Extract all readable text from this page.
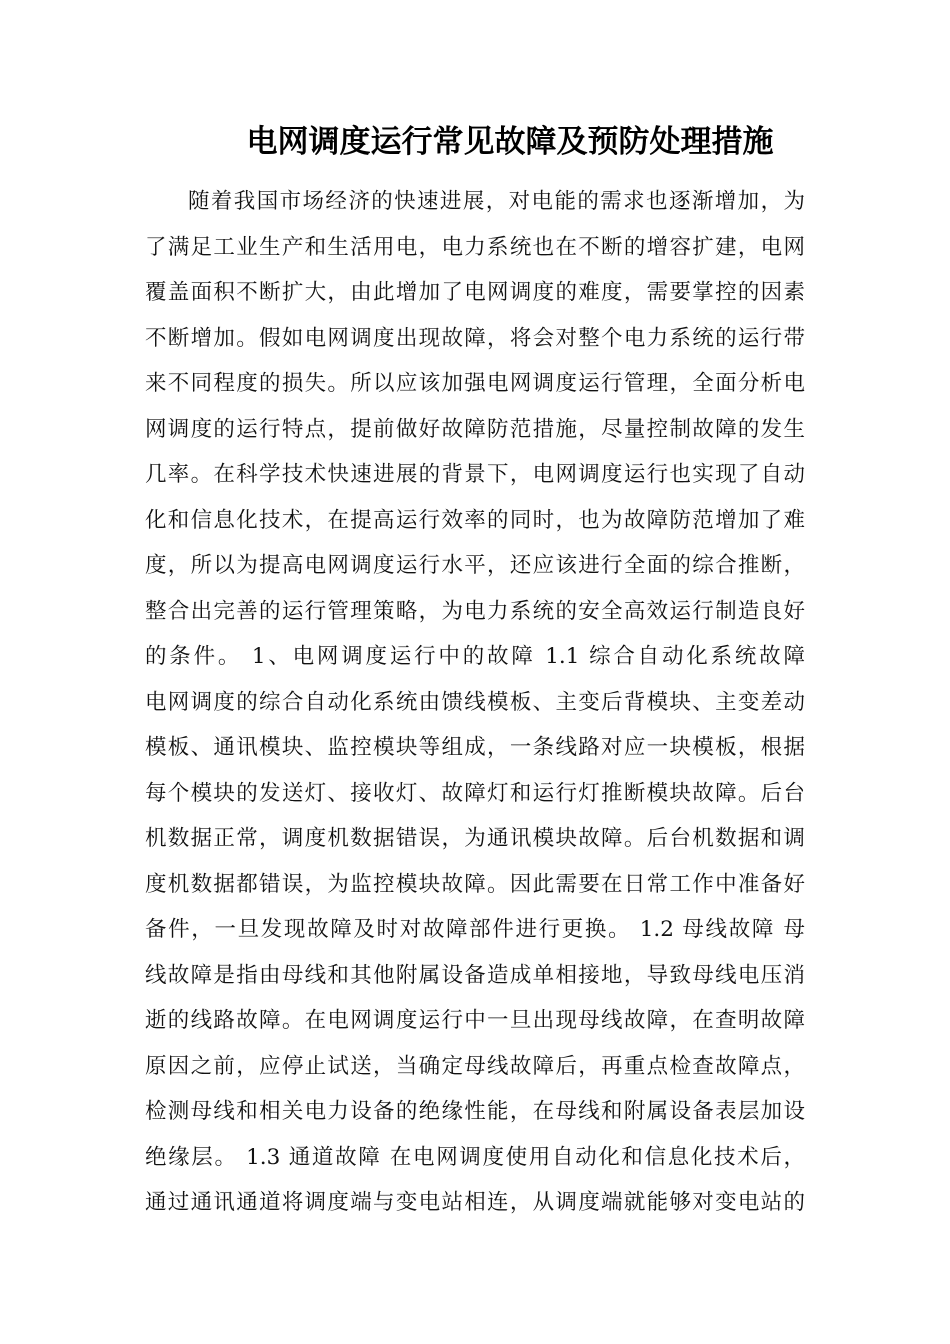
电网调度运行常见故障及预防处理措施
随着我国市场经济的快速进展，对电能的需求也逐渐增加，为
了满足工业生产和生活用电，电力系统也在不断的增容扩建，电网
覆盖面积不断扩大，由此增加了电网调度的难度，需要掌控的因素
不断增加。假如电网调度出现故障，将会对整个电力系统的运行带
来不同程度的损失。所以应该加强电网调度运行管理，全面分析电
网调度的运行特点，提前做好故障防范措施，尽量控制故障的发生
几率。在科学技术快速进展的背景下，电网调度运行也实现了自动
化和信息化技术，在提高运行效率的同时，也为故障防范增加了难
度，所以为提高电网调度运行水平，还应该进行全面的综合推断，
整合出完善的运行管理策略，为电力系统的安全高效运行制造良好
的条件。 1、电网调度运行中的故障 1.1 综合自动化系统故障
电网调度的综合自动化系统由馈线模板、主变后背模块、主变差动
模板、通讯模块、监控模块等组成，一条线路对应一块模板，根据
每个模块的发送灯、接收灯、故障灯和运行灯推断模块故障。后台
机数据正常，调度机数据错误，为通讯模块故障。后台机数据和调
度机数据都错误，为监控模块故障。因此需要在日常工作中准备好
备件，一旦发现故障及时对故障部件进行更换。 1.2 母线故障 母
线故障是指由母线和其他附属设备造成单相接地，导致母线电压消
逝的线路故障。在电网调度运行中一旦出现母线故障，在查明故障
原因之前，应停止试送，当确定母线故障后，再重点检查故障点，
检测母线和相关电力设备的绝缘性能，在母线和附属设备表层加设
绝缘层。 1.3 通道故障 在电网调度使用自动化和信息化技术后，
通过通讯通道将调度端与变电站相连，从调度端就能够对变电站的
